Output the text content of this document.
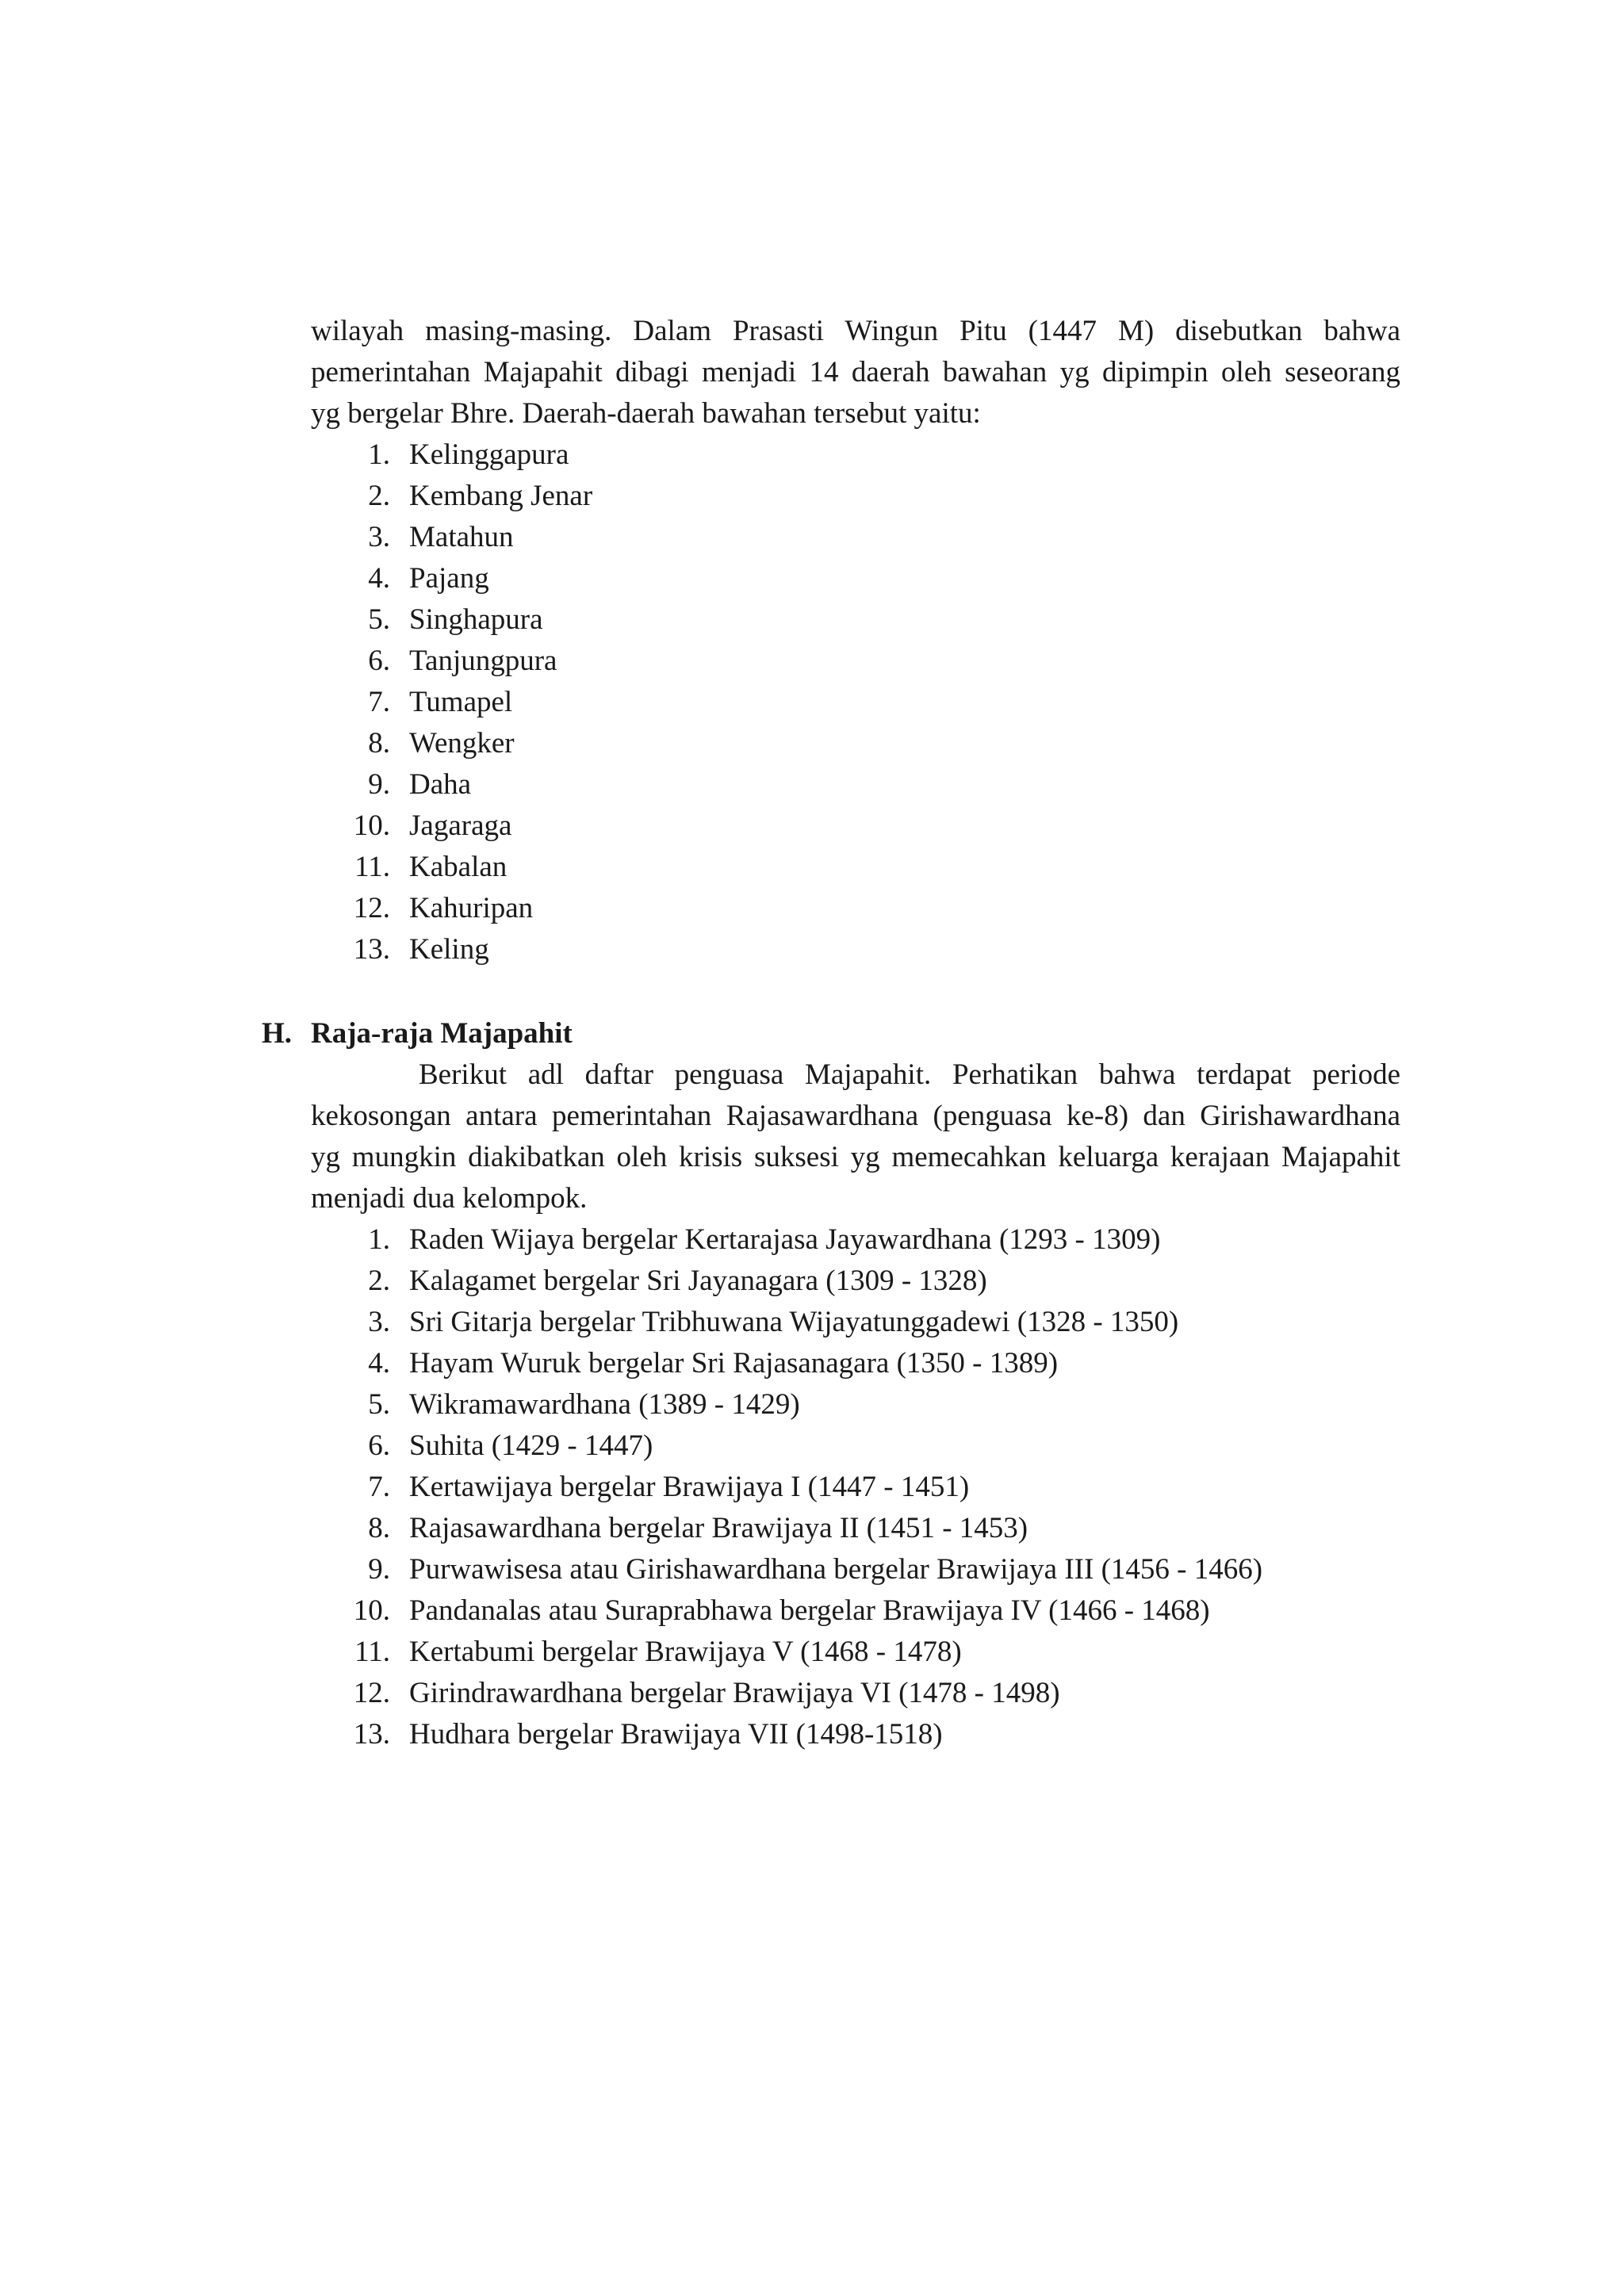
wilayah masing-masing. Dalam Prasasti Wingun Pitu (1447 M) disebutkan bahwa
pemerintahan Majapahit dibagi menjadi 14 daerah bawahan yg dipimpin oleh seseorang
yg bergelar Bhre. Daerah-daerah bawahan tersebut yaitu:
1. Kelinggapura
2. Kembang Jenar
3. Matahun
4. Pajang
5. Singhapura
6. Tanjungpura
7. Tumapel
8. Wengker
9. Daha
10. Jagaraga
11. Kabalan
12. Kahuripan
13. Keling
H. Raja-raja Majapahit
Berikut adl daftar penguasa Majapahit. Perhatikan bahwa terdapat periode
kekosongan antara pemerintahan Rajasawardhana (penguasa ke-8) dan Girishawardhana
yg mungkin diakibatkan oleh krisis suksesi yg memecahkan keluarga kerajaan Majapahit
menjadi dua kelompok.
1. Raden Wijaya bergelar Kertarajasa Jayawardhana (1293 - 1309)
2. Kalagamet bergelar Sri Jayanagara (1309 - 1328)
3. Sri Gitarja bergelar Tribhuwana Wijayatunggadewi (1328 - 1350)
4. Hayam Wuruk bergelar Sri Rajasanagara (1350 - 1389)
5. Wikramawardhana (1389 - 1429)
6. Suhita (1429 - 1447)
7. Kertawijaya bergelar Brawijaya I (1447 - 1451)
8. Rajasawardhana bergelar Brawijaya II (1451 - 1453)
9. Purwawisesa atau Girishawardhana bergelar Brawijaya III (1456 - 1466)
10. Pandanalas atau Suraprabhawa bergelar Brawijaya IV (1466 - 1468)
11. Kertabumi bergelar Brawijaya V (1468 - 1478)
12. Girindrawardhana bergelar Brawijaya VI (1478 - 1498)
13. Hudhara bergelar Brawijaya VII (1498-1518)
